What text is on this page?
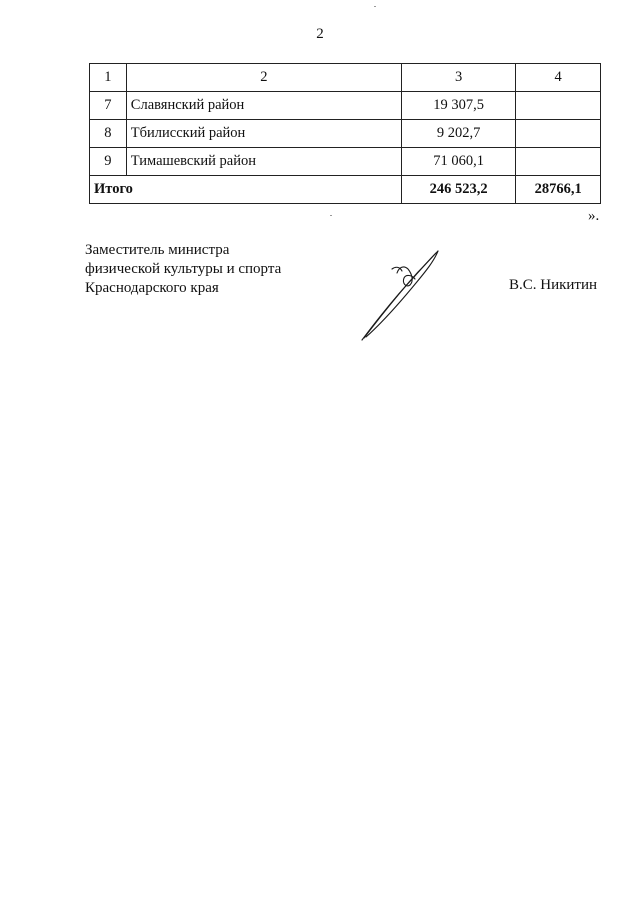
2
1	2	3	4
7	Славянский район	19 307,5	
8	Тбилисский район	9 202,7	
9	Тимашевский район	71 060,1	
Итого		246 523,2	28766,1
».
Заместитель министра
физической культуры и спорта
Краснодарского края	В.С. Никитин
